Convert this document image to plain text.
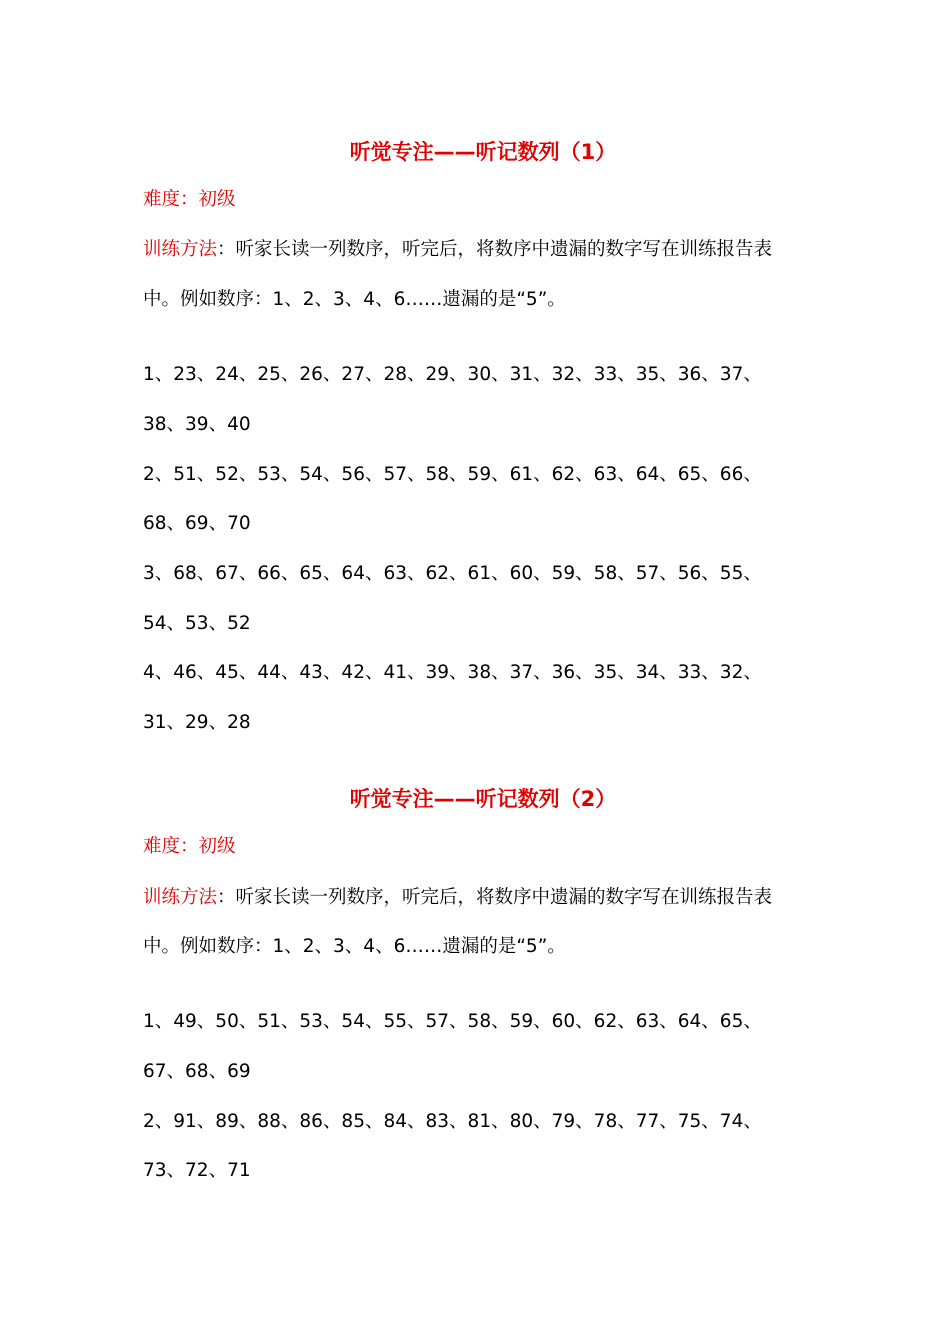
听觉专注——听记数列（1）
难度：初级
训练方法：听家长读一列数序，听完后，将数序中遗漏的数字写在训练报告表
中。例如数序：1、2、3、4、6……遗漏的是“5”。
1、23、24、25、26、27、28、29、30、31、32、33、35、36、37、
38、39、40
2、51、52、53、54、56、57、58、59、61、62、63、64、65、66、
68、69、70
3、68、67、66、65、64、63、62、61、60、59、58、57、56、55、
54、53、52
4、46、45、44、43、42、41、39、38、37、36、35、34、33、32、
31、29、28
听觉专注——听记数列（2）
难度：初级
训练方法：听家长读一列数序，听完后，将数序中遗漏的数字写在训练报告表
中。例如数序：1、2、3、4、6……遗漏的是“5”。
1、49、50、51、53、54、55、57、58、59、60、62、63、64、65、
67、68、69
2、91、89、88、86、85、84、83、81、80、79、78、77、75、74、
73、72、71
